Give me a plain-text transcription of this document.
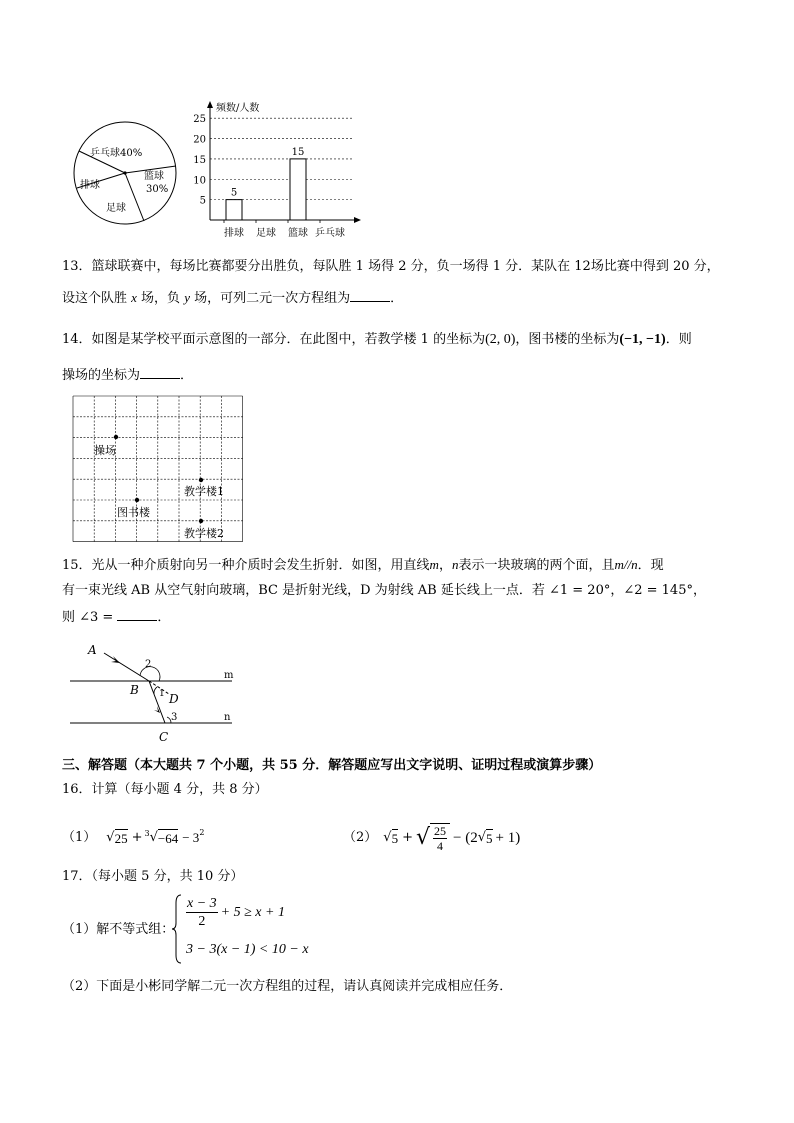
乒乓球40%
排球
篮球
30%
足球
5
10
15
20
25
频数/人数
排球
5
足球 篮球
15
乒乓球
13．篮球联赛中，每场比赛都要分出胜负，每队胜 1 场得 2 分，负一场得 1 分．某队在 12场比赛中得到 20 分，
设这个队胜 x 场，负 y 场，可列二元一次方程组为	．
14．如图是某学校平面示意图的一部分．在此图中，若教学楼 1 的坐标为(2, 0)，图书楼的坐标为(−1, −1)．则
操场的坐标为	．
操场
教学楼1
图书楼
教学楼2
15．光从一种介质射向另一种介质时会发生折射．如图，用直线m，n表示一块玻璃的两个面，且m//n．现
有一束光线 AB 从空气射向玻璃，BC 是折射光线，D 为射线 AB 延长线上一点．若 ∠1 = 20°，∠2 = 145°，
则 ∠3 =	．
A
2
m
B 1 D
3	n
C
三、解答题（本大题共 7 个小题，共 55 分．解答题应写出文字说明、证明过程或演算步骤）
16．计算（每小题 4 分，共 8 分）
（1） √ 25 + $^3$ √ $-64 - 3^2$	（2） √ 5 + √ $\frac{25}{4} - (2$ √ 5 + 1)
17．（每小题 5 分，共 10 分）
（1）解不等式组： $\frac{x - 3}{2} + 5 \ge x + 1$
3 − 3(x − 1) < 10 − x
（2）下面是小彬同学解二元一次方程组的过程，请认真阅读并完成相应任务．
